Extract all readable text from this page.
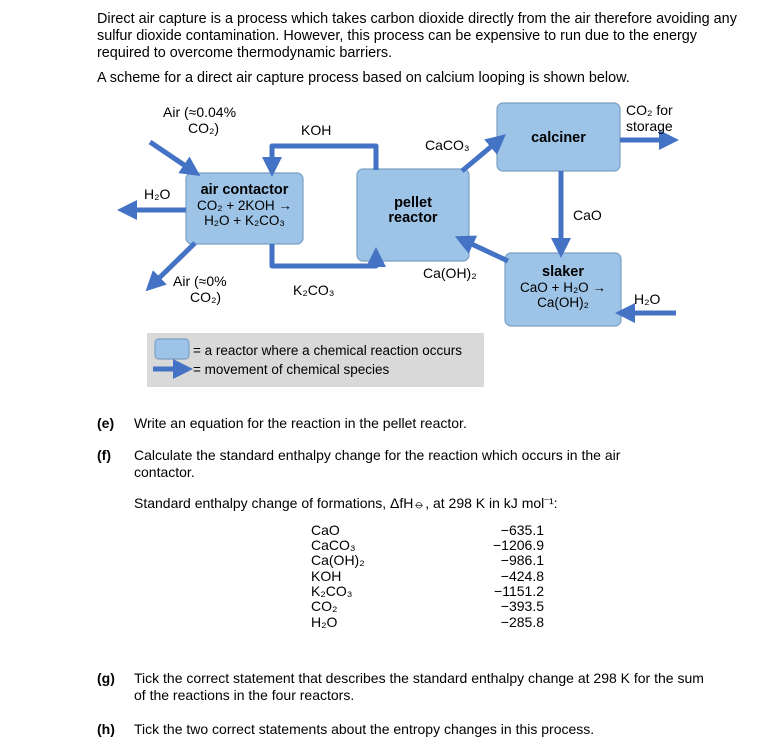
Direct air capture is a process which takes carbon dioxide directly from the air therefore avoiding any sulfur dioxide contamination. However, this process can be expensive to run due to the energy required to overcome thermodynamic barriers.
A scheme for a direct air capture process based on calcium looping is shown below.
Air (≈0.04%
CO₂)	KOH
CaCO₃
CO₂ for
storage
H₂O
CaO
Ca(OH)₂
Air (≈0%
CO₂)	K₂CO₃
H₂O
air contactor
CO₂ + 2KOH →
H₂O + K₂CO₃
pellet
reactor
calciner
slaker
CaO + H₂O →
Ca(OH)₂
= a reactor where a chemical reaction occurs
= movement of chemical species
(e) Write an equation for the reaction in the pellet reactor.
(f) Calculate the standard enthalpy change for the reaction which occurs in the air contactor.
Standard enthalpy change of formations, ΔfH⦵, at 298 K in kJ mol⁻¹:
CaO	−635.1
CaCO₃	−1206.9
Ca(OH)₂	−986.1
KOH	−424.8
K₂CO₃	−1151.2
CO₂	−393.5
H₂O	−285.8
(g) Tick the correct statement that describes the standard enthalpy change at 298 K for the sum of the reactions in the four reactors.
(h) Tick the two correct statements about the entropy changes in this process.
